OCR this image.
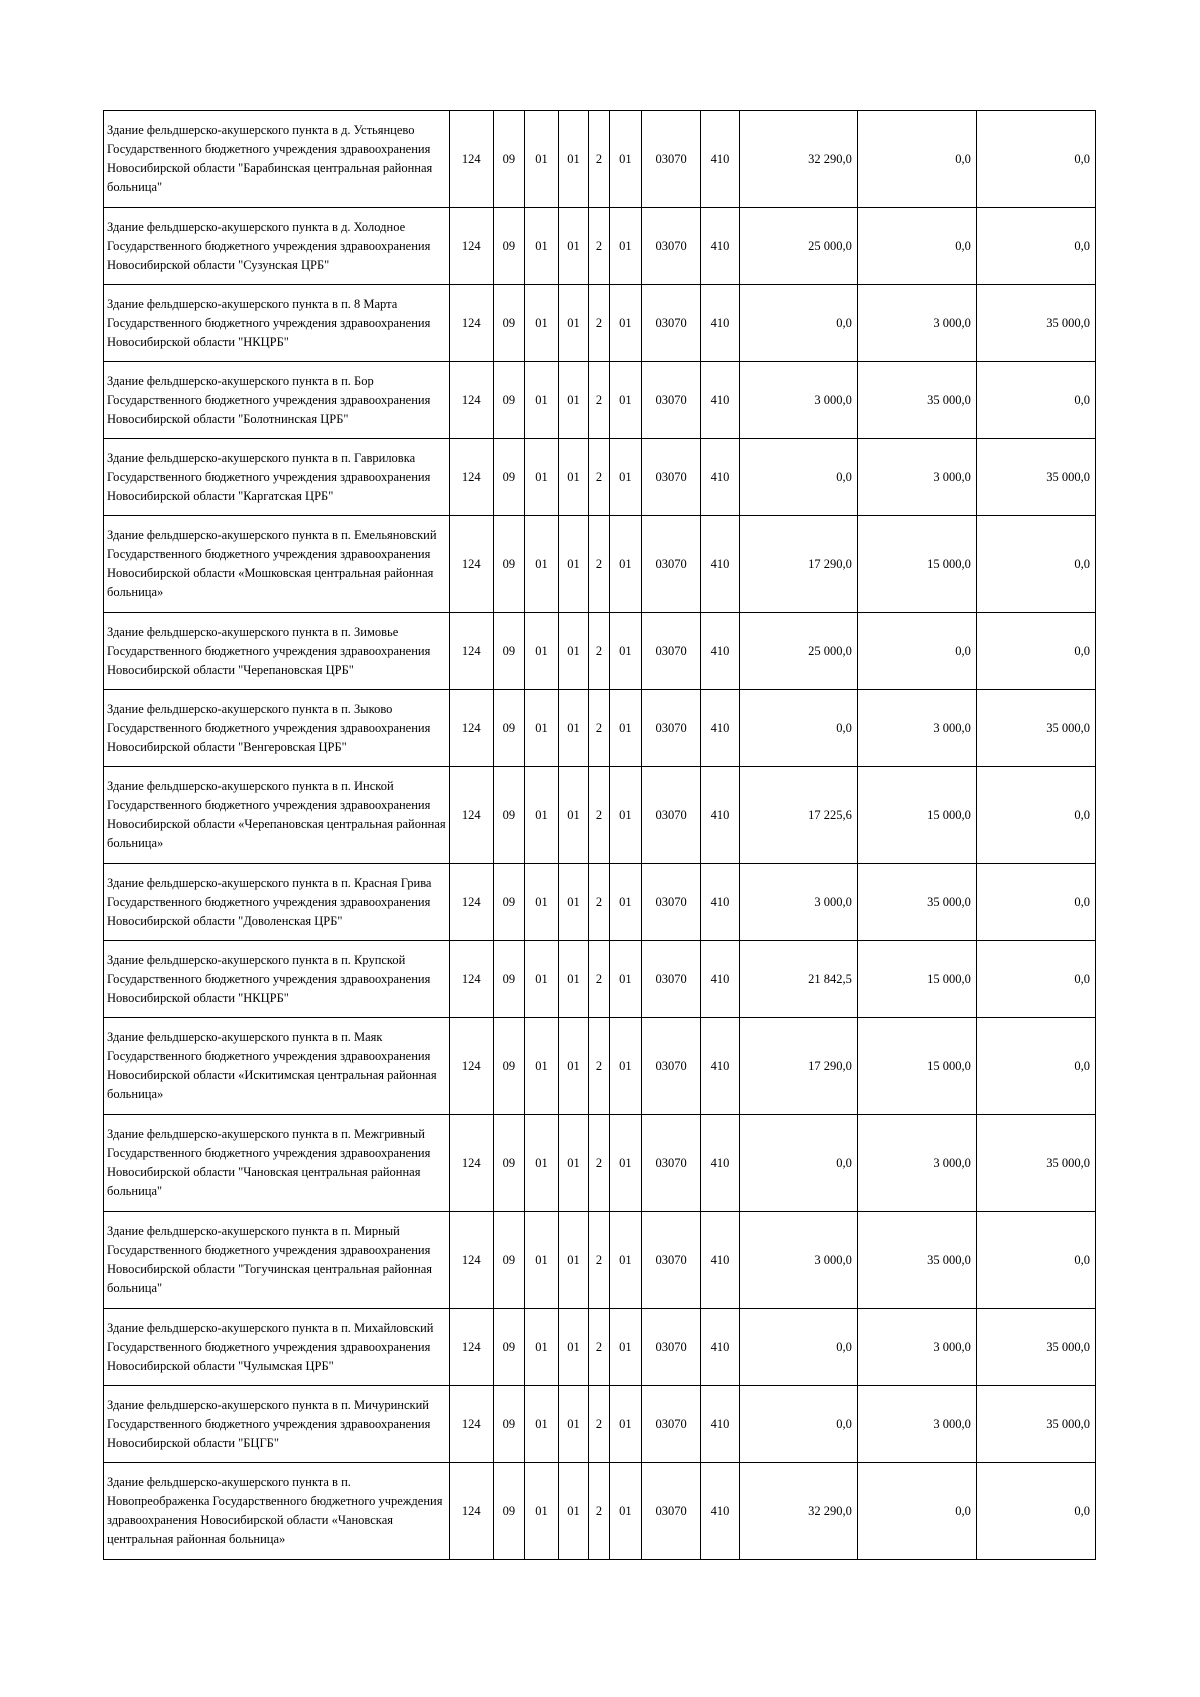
Здание фельдшерско-акушерского пункта в д. Устьянцево Государственного бюджетного учреждения здравоохранения Новосибирской области "Барабинская центральная районная больница"	124	09	01	01	2	01	03070	410	32 290,0	0,0	0,0
Здание фельдшерско-акушерского пункта в д. Холодное Государственного бюджетного учреждения здравоохранения Новосибирской области "Сузунская ЦРБ"	124	09	01	01	2	01	03070	410	25 000,0	0,0	0,0
Здание фельдшерско-акушерского пункта в п. 8 Марта Государственного бюджетного учреждения здравоохранения Новосибирской области "НКЦРБ"	124	09	01	01	2	01	03070	410	0,0	3 000,0	35 000,0
Здание фельдшерско-акушерского пункта в п. Бор Государственного бюджетного учреждения здравоохранения Новосибирской области "Болотнинская ЦРБ"	124	09	01	01	2	01	03070	410	3 000,0	35 000,0	0,0
Здание фельдшерско-акушерского пункта в п. Гавриловка Государственного бюджетного учреждения здравоохранения Новосибирской области "Каргатская ЦРБ"	124	09	01	01	2	01	03070	410	0,0	3 000,0	35 000,0
Здание фельдшерско-акушерского пункта в п. Емельяновский Государственного бюджетного учреждения здравоохранения Новосибирской области «Мошковская центральная районная больница»	124	09	01	01	2	01	03070	410	17 290,0	15 000,0	0,0
Здание фельдшерско-акушерского пункта в п. Зимовье Государственного бюджетного учреждения здравоохранения Новосибирской области "Черепановская ЦРБ"	124	09	01	01	2	01	03070	410	25 000,0	0,0	0,0
Здание фельдшерско-акушерского пункта в п. Зыково Государственного бюджетного учреждения здравоохранения Новосибирской области "Венгеровская ЦРБ"	124	09	01	01	2	01	03070	410	0,0	3 000,0	35 000,0
Здание фельдшерско-акушерского пункта в п. Инской Государственного бюджетного учреждения здравоохранения Новосибирской области «Черепановская центральная районная больница»	124	09	01	01	2	01	03070	410	17 225,6	15 000,0	0,0
Здание фельдшерско-акушерского пункта в п. Красная Грива Государственного бюджетного учреждения здравоохранения Новосибирской области "Доволенская ЦРБ"	124	09	01	01	2	01	03070	410	3 000,0	35 000,0	0,0
Здание фельдшерско-акушерского пункта в п. Крупской Государственного бюджетного учреждения здравоохранения Новосибирской области "НКЦРБ"	124	09	01	01	2	01	03070	410	21 842,5	15 000,0	0,0
Здание фельдшерско-акушерского пункта в п. Маяк Государственного бюджетного учреждения здравоохранения Новосибирской области «Искитимская центральная районная больница»	124	09	01	01	2	01	03070	410	17 290,0	15 000,0	0,0
Здание фельдшерско-акушерского пункта в п. Межгривный Государственного бюджетного учреждения здравоохранения Новосибирской области "Чановская центральная районная больница"	124	09	01	01	2	01	03070	410	0,0	3 000,0	35 000,0
Здание фельдшерско-акушерского пункта в п. Мирный Государственного бюджетного учреждения здравоохранения Новосибирской области "Тогучинская центральная районная больница"	124	09	01	01	2	01	03070	410	3 000,0	35 000,0	0,0
Здание фельдшерско-акушерского пункта в п. Михайловский Государственного бюджетного учреждения здравоохранения Новосибирской области "Чулымская ЦРБ"	124	09	01	01	2	01	03070	410	0,0	3 000,0	35 000,0
Здание фельдшерско-акушерского пункта в п. Мичуринский Государственного бюджетного учреждения здравоохранения Новосибирской области "БЦГБ"	124	09	01	01	2	01	03070	410	0,0	3 000,0	35 000,0
Здание фельдшерско-акушерского пункта в п. Новопреображенка Государственного бюджетного учреждения здравоохранения Новосибирской области «Чановская центральная районная больница»	124	09	01	01	2	01	03070	410	32 290,0	0,0	0,0
